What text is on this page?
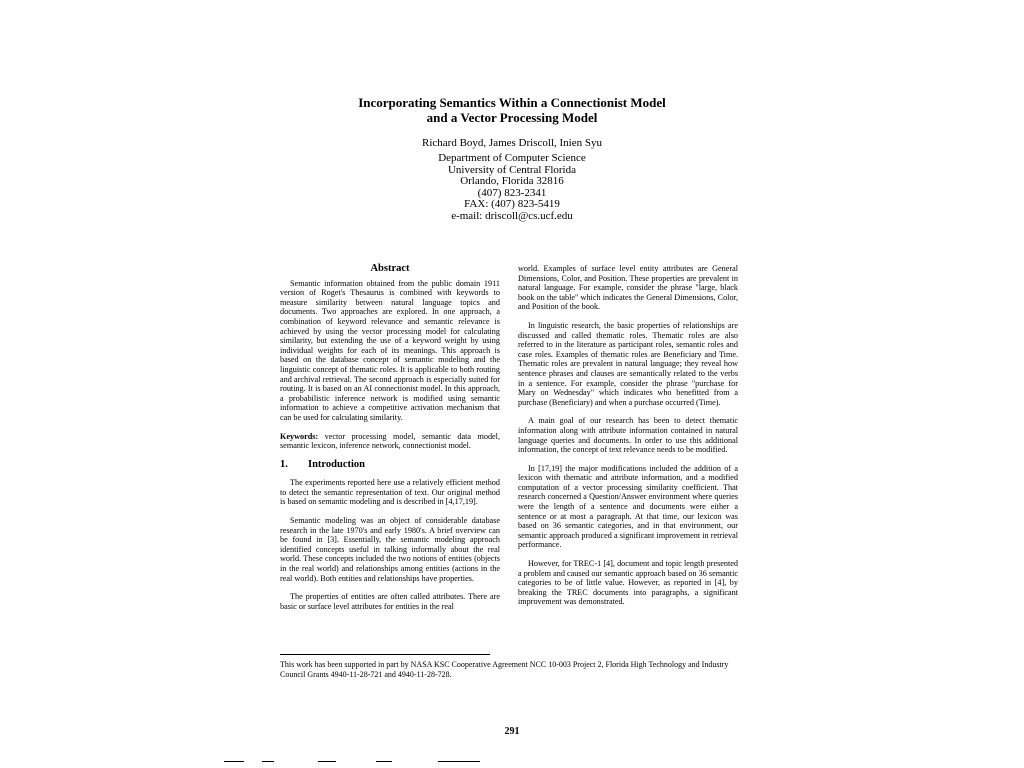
Incorporating Semantics Within a Connectionist Model
and a Vector Processing Model
Richard Boyd, James Driscoll, Inien Syu
Department of Computer Science
University of Central Florida
Orlando, Florida 32816
(407) 823-2341
FAX: (407) 823-5419
e-mail: driscoll@cs.ucf.edu
Abstract

Semantic information obtained from the public domain 1911 version of Roget's Thesaurus is combined with keywords to measure similarity between natural language topics and documents. Two approaches are explored. In one approach, a combination of keyword relevance and semantic relevance is achieved by using the vector processing model for calculating similarity, but extending the use of a keyword weight by using individual weights for each of its meanings. This approach is based on the database concept of semantic modeling and the linguistic concept of thematic roles. It is applicable to both routing and archival retrieval. The second approach is especially suited for routing. It is based on an AI connectionist model. In this approach, a probabilistic inference network is modified using semantic information to achieve a competitive activation mechanism that can be used for calculating similarity.

Keywords: vector processing model, semantic data model, semantic lexicon, inference network, connectionist model.

1. Introduction

The experiments reported here use a relatively efficient method to detect the semantic representation of text. Our original method is based on semantic modeling and is described in [4,17,19].

Semantic modeling was an object of considerable database research in the late 1970's and early 1980's. A brief overview can be found in [3]. Essentially, the semantic modeling approach identified concepts useful in talking informally about the real world. These concepts included the two notions of entities (objects in the real world) and relationships among entities (actions in the real world). Both entities and relationships have properties.

The properties of entities are often called attributes. There are basic or surface level attributes for entities in the real

world. Examples of surface level entity attributes are General Dimensions, Color, and Position. These properties are prevalent in natural language. For example, consider the phrase "large, black book on the table" which indicates the General Dimensions, Color, and Position of the book.

In linguistic research, the basic properties of relationships are discussed and called thematic roles. Thematic roles are also referred to in the literature as participant roles, semantic roles and case roles. Examples of thematic roles are Beneficiary and Time. Thematic roles are prevalent in natural language; they reveal how sentence phrases and clauses are semantically related to the verbs in a sentence. For example, consider the phrase "purchase for Mary on Wednesday" which indicates who benefitted from a purchase (Beneficiary) and when a purchase occurred (Time).

A main goal of our research has been to detect thematic information along with attribute information contained in natural language queries and documents. In order to use this additional information, the concept of text relevance needs to be modified.

In [17,19] the major modifications included the addition of a lexicon with thematic and attribute information, and a modified computation of a vector processing similarity coefficient. That research concerned a Question/Answer environment where queries were the length of a sentence and documents were either a sentence or at most a paragraph. At that time, our lexicon was based on 36 semantic categories, and in that environment, our semantic approach produced a significant improvement in retrieval performance.

However, for TREC-1 [4], document and topic length presented a problem and caused our semantic approach based on 36 semantic categories to be of little value. However, as reported in [4], by breaking the TREC documents into paragraphs, a significant improvement was demonstrated.

This work has been supported in part by NASA KSC Cooperative Agreement NCC 10-003 Project 2, Florida High Technology and Industry Council Grants 4940-11-28-721 and 4940-11-28-728.
291
